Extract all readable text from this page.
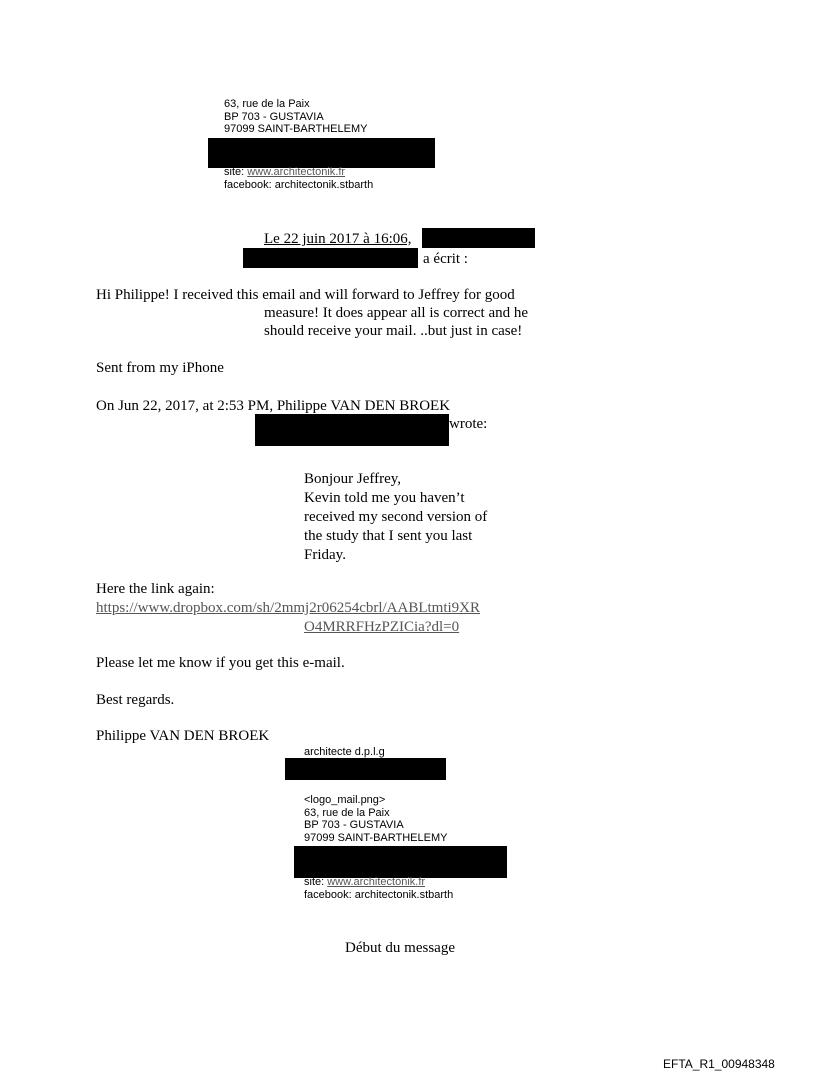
63, rue de la Paix
BP 703 - GUSTAVIA
97099 SAINT-BARTHELEMY
site: www.architectonik.fr
facebook: architectonik.stbarth
Le 22 juin 2017 à 16:06,
a écrit :
Hi Philippe! I received this email and will forward to Jeffrey for good
measure! It does appear all is correct and he
should receive your mail. ..but just in case!
Sent from my iPhone
On Jun 22, 2017, at 2:53 PM, Philippe VAN DEN BROEK
wrote:
Bonjour Jeffrey,
Kevin told me you haven’t
received my second version of
the study that I sent you last
Friday.
Here the link again:
https://www.dropbox.com/sh/2mmj2r06254cbrl/AABLtmti9XR
O4MRRFHzPZICia?dl=0
Please let me know if you get this e-mail.
Best regards.
Philippe VAN DEN BROEK
architecte d.p.l.g
<logo_mail.png>
63, rue de la Paix
BP 703 - GUSTAVIA
97099 SAINT-BARTHELEMY
site: www.architectonik.fr
facebook: architectonik.stbarth
Début du message
EFTA_R1_00948348
